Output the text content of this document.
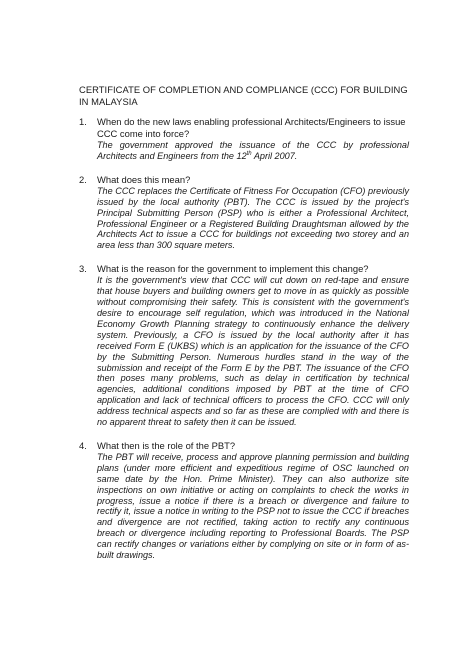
CERTIFICATE OF COMPLETION AND COMPLIANCE (CCC) FOR BUILDING IN MALAYSIA
1. When do the new laws enabling professional Architects/Engineers to issue CCC come into force?

The government approved the issuance of the CCC by professional Architects and Engineers from the 12th April 2007.

2. What does this mean?

The CCC replaces the Certificate of Fitness For Occupation (CFO) previously issued by the local authority (PBT). The CCC is issued by the project's Principal Submitting Person (PSP) who is either a Professional Architect, Professional Engineer or a Registered Building Draughtsman allowed by the Architects Act to issue a CCC for buildings not exceeding two storey and an area less than 300 square meters.

3. What is the reason for the government to implement this change?

It is the government's view that CCC will cut down on red-tape and ensure that house buyers and building owners get to move in as quickly as possible without compromising their safety. This is consistent with the government's desire to encourage self regulation, which was introduced in the National Economy Growth Planning strategy to continuously enhance the delivery system. Previously, a CFO is issued by the local authority after it has received Form E (UKBS) which is an application for the issuance of the CFO by the Submitting Person. Numerous hurdles stand in the way of the submission and receipt of the Form E by the PBT. The issuance of the CFO then poses many problems, such as delay in certification by technical agencies, additional conditions imposed by PBT at the time of CFO application and lack of technical officers to process the CFO. CCC will only address technical aspects and so far as these are complied with and there is no apparent threat to safety then it can be issued.

4. What then is the role of the PBT?

The PBT will receive, process and approve planning permission and building plans (under more efficient and expeditious regime of OSC launched on same date by the Hon. Prime Minister). They can also authorize site inspections on own initiative or acting on complaints to check the works in progress, issue a notice if there is a breach or divergence and failure to rectify it, issue a notice in writing to the PSP not to issue the CCC if breaches and divergence are not rectified, taking action to rectify any continuous breach or divergence including reporting to Professional Boards. The PSP can rectify changes or variations either by complying on site or in form of as-built drawings.
